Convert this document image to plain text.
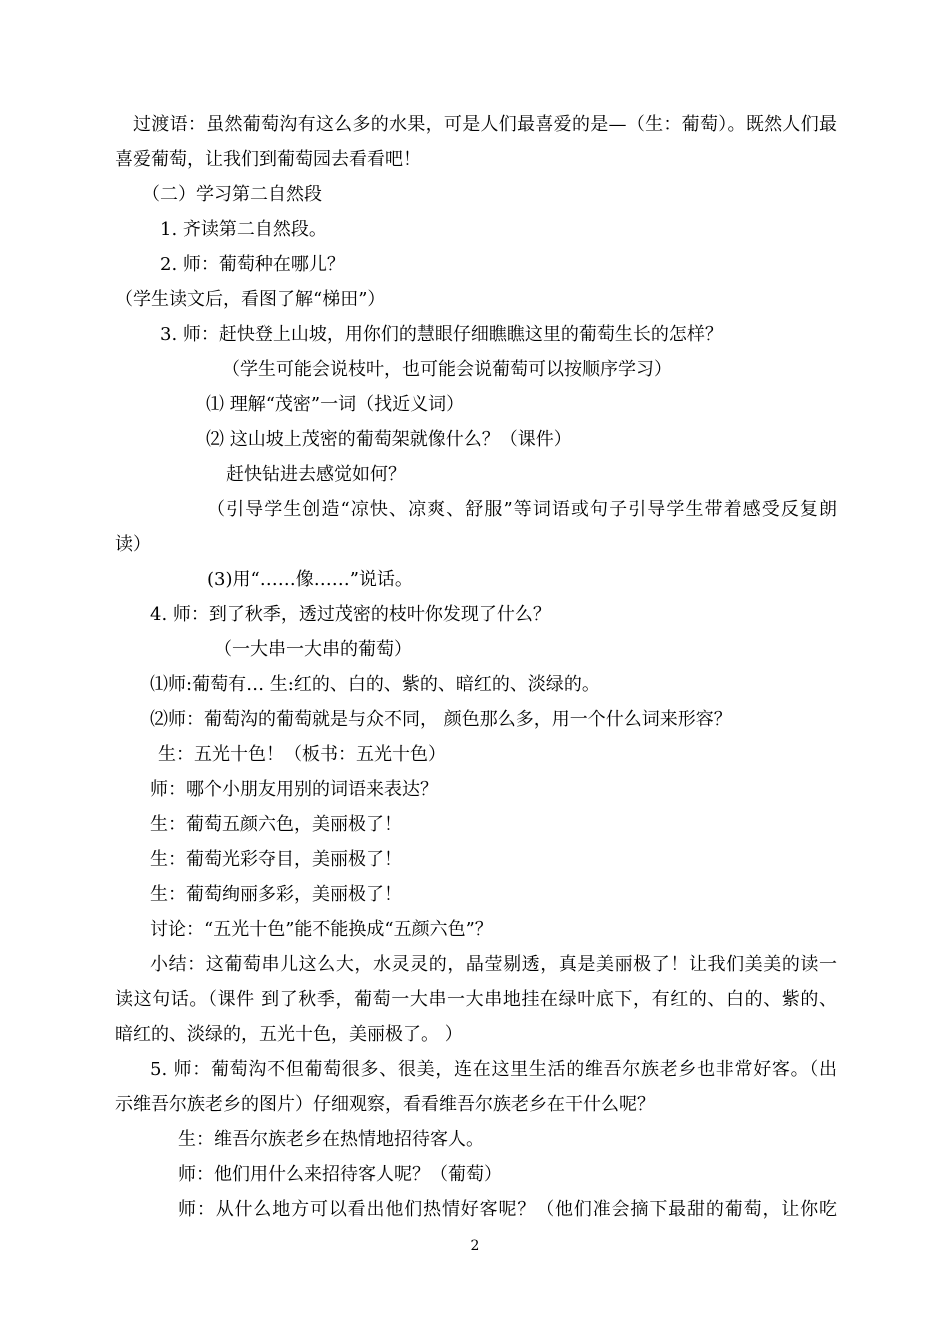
过渡语：虽然葡萄沟有这么多的水果，可是人们最喜爱的是—（生：葡萄）。既然人们最
喜爱葡萄，让我们到葡萄园去看看吧！
（二）学习第二自然段
1. 齐读第二自然段。
2. 师：葡萄种在哪儿？
（学生读文后，看图了解“梯田”）
3. 师：赶快登上山坡，用你们的慧眼仔细瞧瞧这里的葡萄生长的怎样？
（学生可能会说枝叶，也可能会说葡萄可以按顺序学习）
⑴ 理解“茂密”一词（找近义词）
⑵ 这山坡上茂密的葡萄架就像什么？（课件）
赶快钻进去感觉如何？
（引导学生创造“凉快、凉爽、舒服”等词语或句子引导学生带着感受反复朗
读）
(3)用“……像……”说话。
4. 师：到了秋季，透过茂密的枝叶你发现了什么？
（一大串一大串的葡萄）
⑴师:葡萄有… 生:红的、白的、紫的、暗红的、淡绿的。
⑵师：葡萄沟的葡萄就是与众不同， 颜色那么多，用一个什么词来形容？
生：五光十色！（板书：五光十色）
师：哪个小朋友用别的词语来表达？
生：葡萄五颜六色，美丽极了！
生：葡萄光彩夺目，美丽极了！
生：葡萄绚丽多彩，美丽极了！
讨论：“五光十色”能不能换成“五颜六色”？
小结：这葡萄串儿这么大，水灵灵的，晶莹剔透，真是美丽极了！让我们美美的读一
读这句话。（课件 到了秋季，葡萄一大串一大串地挂在绿叶底下，有红的、白的、紫的、
暗红的、淡绿的，五光十色，美丽极了。 ）
5. 师：葡萄沟不但葡萄很多、很美，连在这里生活的维吾尔族老乡也非常好客。（出
示维吾尔族老乡的图片）仔细观察，看看维吾尔族老乡在干什么呢？
生：维吾尔族老乡在热情地招待客人。
师：他们用什么来招待客人呢？（葡萄）
师：从什么地方可以看出他们热情好客呢？（他们准会摘下最甜的葡萄，让你吃
2
